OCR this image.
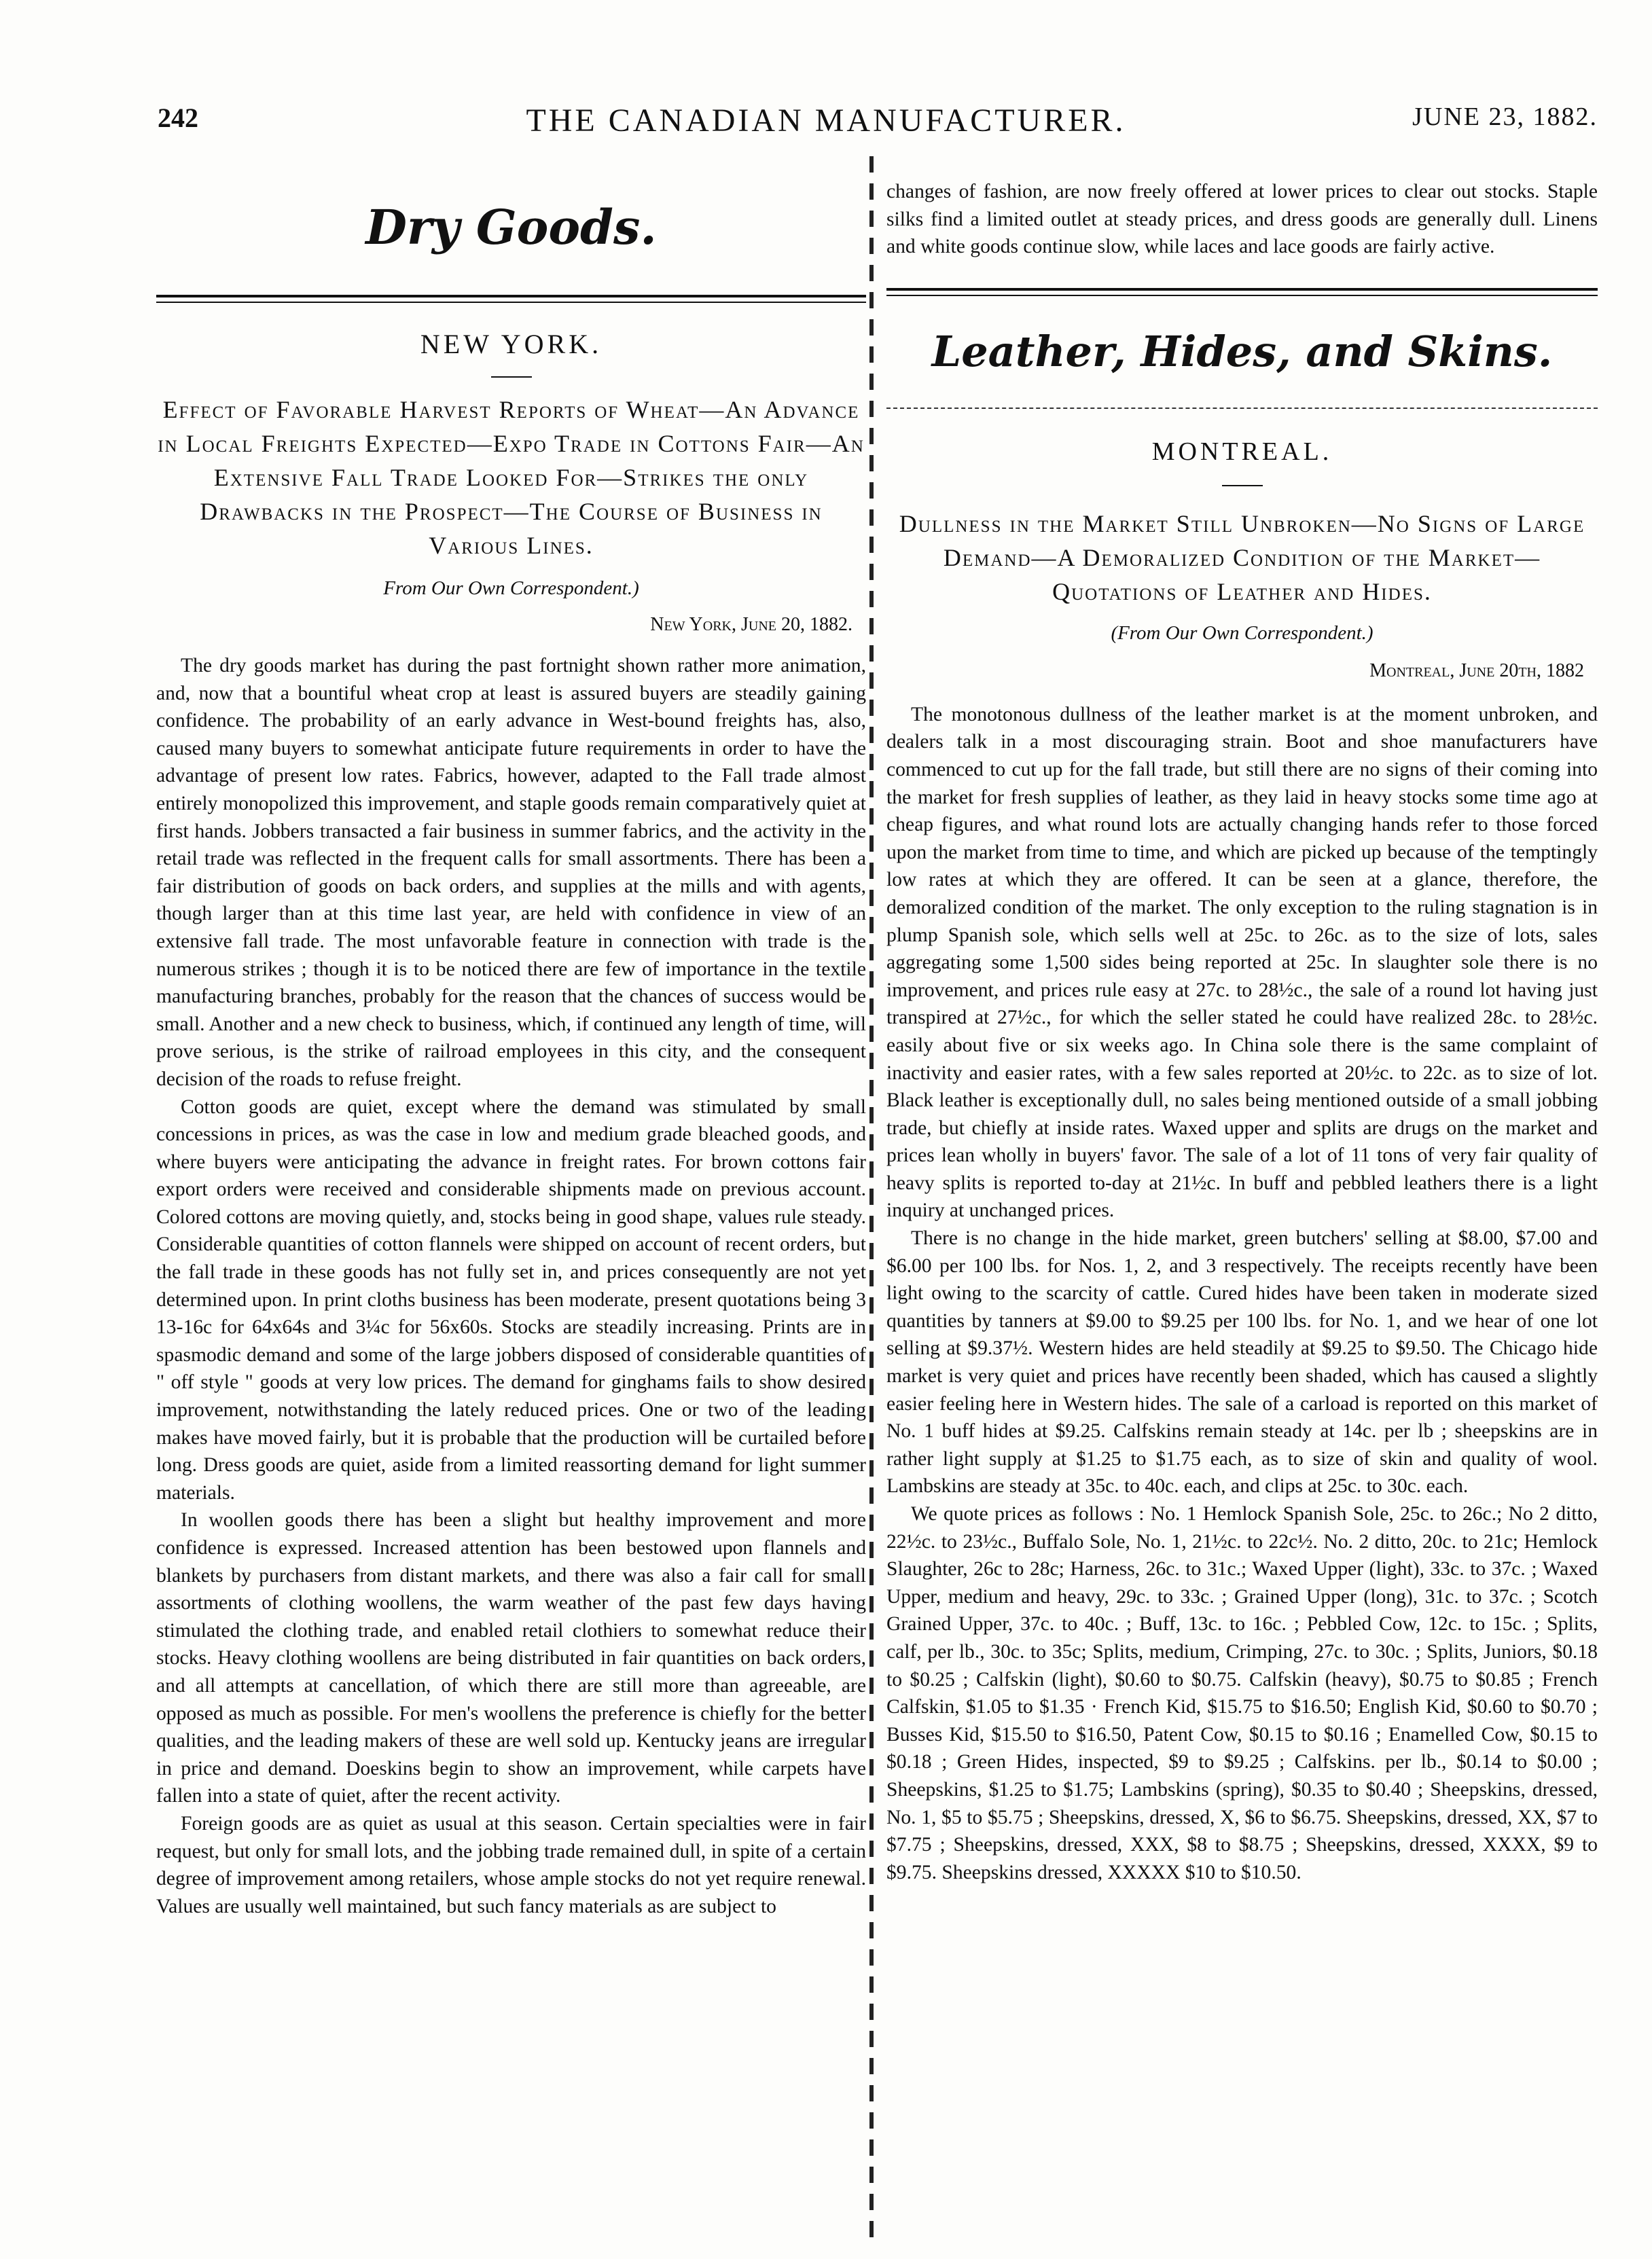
242	THE CANADIAN MANUFACTURER.	JUNE 23, 1882.
Dry Goods.
NEW YORK.
Effect of Favorable Harvest Reports of Wheat—An Advance in Local Freights Expected—Expo Trade in Cottons Fair—An Extensive Fall Trade Looked For—Strikes the only Drawbacks in the Prospect—The Course of Business in Various Lines.
From Our Own Correspondent.)
New York, June 20, 1882.

The dry goods market has during the past fortnight shown rather more animation, and, now that a bountiful wheat crop at least is assured buyers are steadily gaining confidence. The probability of an early advance in West-bound freights has, also, caused many buyers to somewhat anticipate future requirements in order to have the advantage of present low rates. Fabrics, however, adapted to the Fall trade almost entirely monopolized this improvement, and staple goods remain comparatively quiet at first hands. Jobbers transacted a fair business in summer fabrics, and the activity in the retail trade was reflected in the frequent calls for small assortments. There has been a fair distribution of goods on back orders, and supplies at the mills and with agents, though larger than at this time last year, are held with confidence in view of an extensive fall trade. The most unfavorable feature in connection with trade is the numerous strikes ; though it is to be noticed there are few of importance in the textile manufacturing branches, probably for the reason that the chances of success would be small. Another and a new check to business, which, if continued any length of time, will prove serious, is the strike of railroad employees in this city, and the consequent decision of the roads to refuse freight.

Cotton goods are quiet, except where the demand was stimulated by small concessions in prices, as was the case in low and medium grade bleached goods, and where buyers were anticipating the advance in freight rates. For brown cottons fair export orders were received and considerable shipments made on previous account. Colored cottons are moving quietly, and, stocks being in good shape, values rule steady. Considerable quantities of cotton flannels were shipped on account of recent orders, but the fall trade in these goods has not fully set in, and prices consequently are not yet determined upon. In print cloths business has been moderate, present quotations being 3 13-16c for 64x64s and 3¼c for 56x60s. Stocks are steadily increasing. Prints are in spasmodic demand and some of the large jobbers disposed of considerable quantities of " off style " goods at very low prices. The demand for ginghams fails to show desired improvement, notwithstanding the lately reduced prices. One or two of the leading makes have moved fairly, but it is probable that the production will be curtailed before long. Dress goods are quiet, aside from a limited reassorting demand for light summer materials.

In woollen goods there has been a slight but healthy improvement and more confidence is expressed. Increased attention has been bestowed upon flannels and blankets by purchasers from distant markets, and there was also a fair call for small assortments of clothing woollens, the warm weather of the past few days having stimulated the clothing trade, and enabled retail clothiers to somewhat reduce their stocks. Heavy clothing woollens are being distributed in fair quantities on back orders, and all attempts at cancellation, of which there are still more than agreeable, are opposed as much as possible. For men's woollens the preference is chiefly for the better qualities, and the leading makers of these are well sold up. Kentucky jeans are irregular in price and demand. Doeskins begin to show an improvement, while carpets have fallen into a state of quiet, after the recent activity.

Foreign goods are as quiet as usual at this season. Certain specialties were in fair request, but only for small lots, and the jobbing trade remained dull, in spite of a certain degree of improvement among retailers, whose ample stocks do not yet require renewal. Values are usually well maintained, but such fancy materials as are subject to

changes of fashion, are now freely offered at lower prices to clear out stocks. Staple silks find a limited outlet at steady prices, and dress goods are generally dull. Linens and white goods continue slow, while laces and lace goods are fairly active.

Leather, Hides, and Skins.
MONTREAL.
Dullness in the Market Still Unbroken—No Signs of Large Demand—A Demoralized Condition of the Market—Quotations of Leather and Hides.
(From Our Own Correspondent.)
Montreal, June 20th, 1882

The monotonous dullness of the leather market is at the moment unbroken, and dealers talk in a most discouraging strain. Boot and shoe manufacturers have commenced to cut up for the fall trade, but still there are no signs of their coming into the market for fresh supplies of leather, as they laid in heavy stocks some time ago at cheap figures, and what round lots are actually changing hands refer to those forced upon the market from time to time, and which are picked up because of the temptingly low rates at which they are offered. It can be seen at a glance, therefore, the demoralized condition of the market. The only exception to the ruling stagnation is in plump Spanish sole, which sells well at 25c. to 26c. as to the size of lots, sales aggregating some 1,500 sides being reported at 25c. In slaughter sole there is no improvement, and prices rule easy at 27c. to 28½c., the sale of a round lot having just transpired at 27½c., for which the seller stated he could have realized 28c. to 28½c. easily about five or six weeks ago. In China sole there is the same complaint of inactivity and easier rates, with a few sales reported at 20½c. to 22c. as to size of lot. Black leather is exceptionally dull, no sales being mentioned outside of a small jobbing trade, but chiefly at inside rates. Waxed upper and splits are drugs on the market and prices lean wholly in buyers' favor. The sale of a lot of 11 tons of very fair quality of heavy splits is reported to-day at 21½c. In buff and pebbled leathers there is a light inquiry at unchanged prices.

There is no change in the hide market, green butchers' selling at $8.00, $7.00 and $6.00 per 100 lbs. for Nos. 1, 2, and 3 respectively. The receipts recently have been light owing to the scarcity of cattle. Cured hides have been taken in moderate sized quantities by tanners at $9.00 to $9.25 per 100 lbs. for No. 1, and we hear of one lot selling at $9.37½. Western hides are held steadily at $9.25 to $9.50. The Chicago hide market is very quiet and prices have recently been shaded, which has caused a slightly easier feeling here in Western hides. The sale of a carload is reported on this market of No. 1 buff hides at $9.25. Calfskins remain steady at 14c. per lb ; sheepskins are in rather light supply at $1.25 to $1.75 each, as to size of skin and quality of wool. Lambskins are steady at 35c. to 40c. each, and clips at 25c. to 30c. each.

We quote prices as follows : No. 1 Hemlock Spanish Sole, 25c. to 26c.; No 2 ditto, 22½c. to 23½c., Buffalo Sole, No. 1, 21½c. to 22c½. No. 2 ditto, 20c. to 21c; Hemlock Slaughter, 26c to 28c; Harness, 26c. to 31c.; Waxed Upper (light), 33c. to 37c. ; Waxed Upper, medium and heavy, 29c. to 33c. ; Grained Upper (long), 31c. to 37c. ; Scotch Grained Upper, 37c. to 40c. ; Buff, 13c. to 16c. ; Pebbled Cow, 12c. to 15c. ; Splits, calf, per lb., 30c. to 35c; Splits, medium, Crimping, 27c. to 30c. ; Splits, Juniors, $0.18 to $0.25 ; Calfskin (light), $0.60 to $0.75. Calfskin (heavy), $0.75 to $0.85 ; French Calfskin, $1.05 to $1.35 · French Kid, $15.75 to $16.50; English Kid, $0.60 to $0.70 ; Busses Kid, $15.50 to $16.50, Patent Cow, $0.15 to $0.16 ; Enamelled Cow, $0.15 to $0.18 ; Green Hides, inspected, $9 to $9.25 ; Calfskins. per lb., $0.14 to $0.00 ; Sheepskins, $1.25 to $1.75; Lambskins (spring), $0.35 to $0.40 ; Sheepskins, dressed, No. 1, $5 to $5.75 ; Sheepskins, dressed, X, $6 to $6.75. Sheepskins, dressed, XX, $7 to $7.75 ; Sheepskins, dressed, XXX, $8 to $8.75 ; Sheepskins, dressed, XXXX, $9 to $9.75. Sheepskins dressed, XXXXX $10 to $10.50.
